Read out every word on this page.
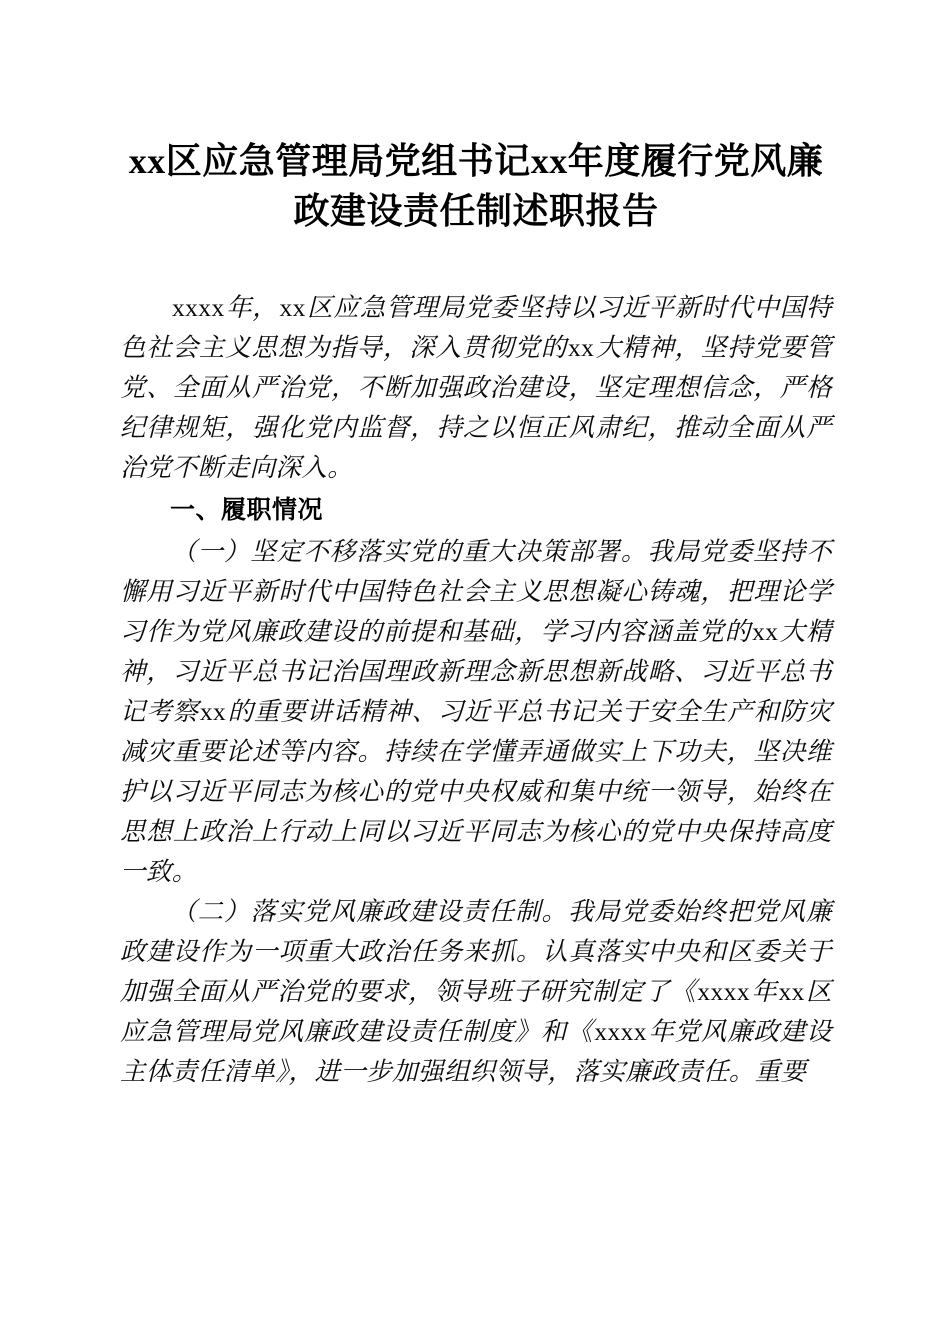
xx区应急管理局党组书记xx年度履行党风廉政建设责任制述职报告

xxxx年，xx区应急管理局党委坚持以习近平新时代中国特色社会主义思想为指导，深入贯彻党的xx大精神，坚持党要管党、全面从严治党，不断加强政治建设，坚定理想信念，严格纪律规矩，强化党内监督，持之以恒正风肃纪，推动全面从严治党不断走向深入。

一、履职情况

（一）坚定不移落实党的重大决策部署。我局党委坚持不懈用习近平新时代中国特色社会主义思想凝心铸魂，把理论学习作为党风廉政建设的前提和基础，学习内容涵盖党的xx大精神，习近平总书记治国理政新理念新思想新战略、习近平总书记考察xx的重要讲话精神、习近平总书记关于安全生产和防灾减灾重要论述等内容。持续在学懂弄通做实上下功夫，坚决维护以习近平同志为核心的党中央权威和集中统一领导，始终在思想上政治上行动上同以习近平同志为核心的党中央保持高度一致。

（二）落实党风廉政建设责任制。我局党委始终把党风廉政建设作为一项重大政治任务来抓。认真落实中央和区委关于加强全面从严治党的要求，领导班子研究制定了《xxxx年xx区应急管理局党风廉政建设责任制度》和《xxxx年党风廉政建设主体责任清单》，进一步加强组织领导，落实廉政责任。重要
